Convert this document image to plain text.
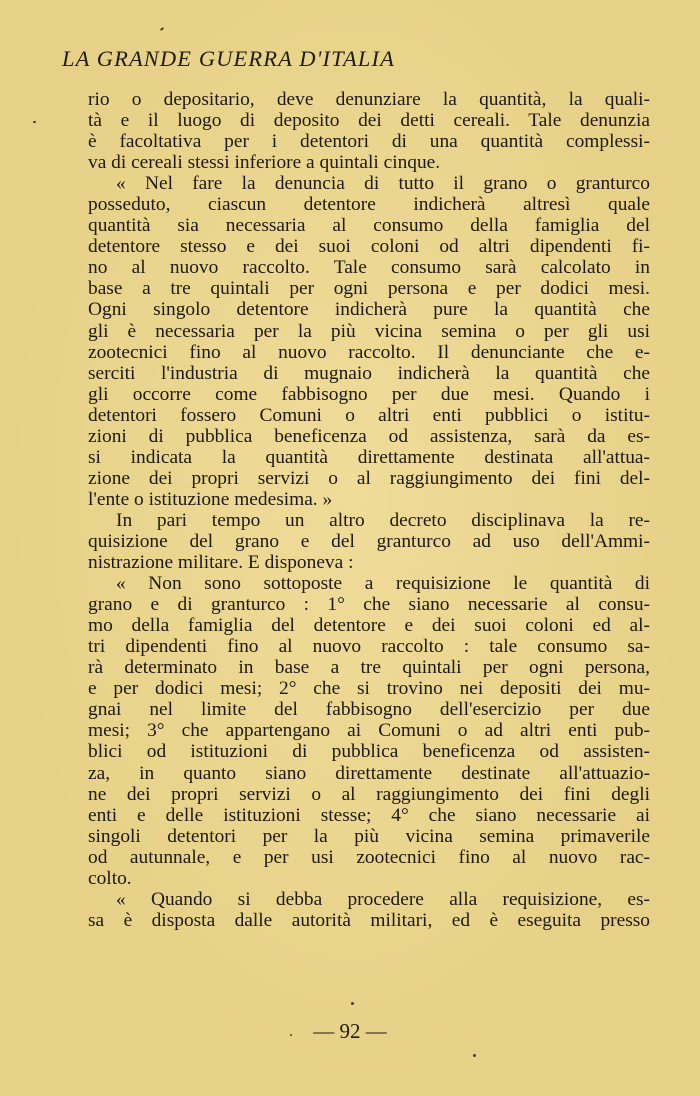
LA GRANDE GUERRA D'ITALIA
rio o depositario, deve denunziare la quantità, la quali-
tà e il luogo di deposito dei detti cereali. Tale denunzia
è facoltativa per i detentori di una quantità complessi-
va di cereali stessi inferiore a quintali cinque.
« Nel fare la denuncia di tutto il grano o granturco
posseduto, ciascun detentore indicherà altresì quale
quantità sia necessaria al consumo della famiglia del
detentore stesso e dei suoi coloni od altri dipendenti fi-
no al nuovo raccolto. Tale consumo sarà calcolato in
base a tre quintali per ogni persona e per dodici mesi.
Ogni singolo detentore indicherà pure la quantità che
gli è necessaria per la più vicina semina o per gli usi
zootecnici fino al nuovo raccolto. Il denunciante che e-
serciti l'industria di mugnaio indicherà la quantità che
gli occorre come fabbisogno per due mesi. Quando i
detentori fossero Comuni o altri enti pubblici o istitu-
zioni di pubblica beneficenza od assistenza, sarà da es-
si indicata la quantità direttamente destinata all'attua-
zione dei propri servizi o al raggiungimento dei fini del-
l'ente o istituzione medesima. »
In pari tempo un altro decreto disciplinava la re-
quisizione del grano e del granturco ad uso dell'Ammi-
nistrazione militare. E disponeva :
« Non sono sottoposte a requisizione le quantità di
grano e di granturco : 1° che siano necessarie al consu-
mo della famiglia del detentore e dei suoi coloni ed al-
tri dipendenti fino al nuovo raccolto : tale consumo sa-
rà determinato in base a tre quintali per ogni persona,
e per dodici mesi; 2° che si trovino nei depositi dei mu-
gnai nel limite del fabbisogno dell'esercizio per due
mesi; 3° che appartengano ai Comuni o ad altri enti pub-
blici od istituzioni di pubblica beneficenza od assisten-
za, in quanto siano direttamente destinate all'attuazio-
ne dei propri servizi o al raggiungimento dei fini degli
enti e delle istituzioni stesse; 4° che siano necessarie ai
singoli detentori per la più vicina semina primaverile
od autunnale, e per usi zootecnici fino al nuovo rac-
colto.
« Quando si debba procedere alla requisizione, es-
sa è disposta dalle autorità militari, ed è eseguita presso
— 92 —
